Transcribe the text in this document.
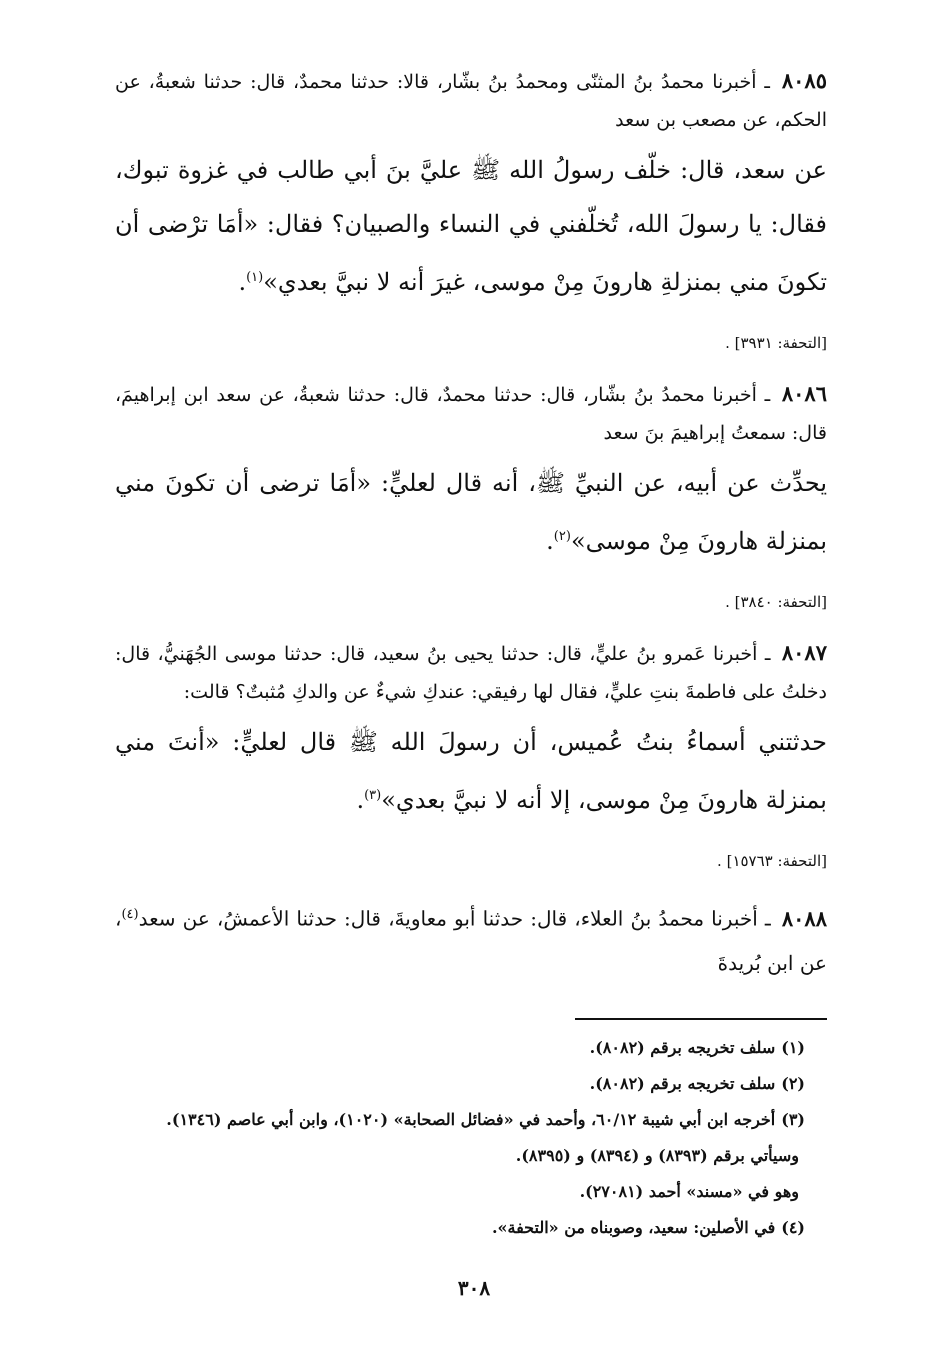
٨٠٨٥ ـ أخبرنا محمدُ بنُ المثنّى ومحمدُ بنُ بشّار، قالا: حدثنا محمدٌ، قال: حدثنا شعبةُ، عن الحكم، عن مصعب بن سعد

عن سعد، قال: خلّف رسولُ الله ﷺ عليَّ بنَ أبي طالب في غزوة تبوك، فقال: يا رسولَ الله، تُخلّفني في النساء والصبيان؟ فقال: «أمَا ترْضى أن تكونَ مني بمنزلةِ هارونَ مِنْ موسى، غيرَ أنه لا نبيَّ بعدي»$^{(١)}$.

[التحفة: ٣٩٣١] .

٨٠٨٦ ـ أخبرنا محمدُ بنُ بشّار، قال: حدثنا محمدٌ، قال: حدثنا شعبةُ، عن سعد ابن إبراهيمَ، قال: سمعتُ إبراهيمَ بنَ سعد

يحدِّث عن أبيه، عن النبيِّ ﷺ، أنه قال لعليٍّ: «أمَا ترضى أن تكونَ مني بمنزلة هارونَ مِنْ موسى»$^{(٢)}$.

[التحفة: ٣٨٤٠] .

٨٠٨٧ ـ أخبرنا عَمرو بنُ عليٍّ، قال: حدثنا يحيى بنُ سعيد، قال: حدثنا موسى الجُهَنيُّ، قال: دخلتُ على فاطمةَ بنتِ عليٍّ، فقال لها رفيقي: عندكِ شيءٌ عن والدكِ مُثبتٌ؟ قالت:

حدثتني أسماءُ بنتُ عُميس، أن رسولَ الله ﷺ قال لعليٍّ: «أنتَ مني بمنزلة هارونَ مِنْ موسى، إلا أنه لا نبيَّ بعدي»$^{(٣)}$.

[التحفة: ١٥٧٦٣] .

٨٠٨٨ ـ أخبرنا محمدُ بنُ العلاء، قال: حدثنا أبو معاويةَ، قال: حدثنا الأعمشُ، عن سعد$^{(٤)}$، عن ابن بُريدةَ

(١)سلف تخريجه برقم (٨٠٨٢).

(٢)سلف تخريجه برقم (٨٠٨٢).

(٣)أخرجه ابن أبي شيبة ٦٠/١٢، وأحمد في «فضائل الصحابة» (١٠٢٠)، وابن أبي عاصم (١٣٤٦).

وسيأتي برقم (٨٣٩٣) و (٨٣٩٤) و (٨٣٩٥).

وهو في «مسند» أحمد (٢٧٠٨١).

(٤)في الأصلين: سعيد، وصوبناه من «التحفة».

٣٠٨
